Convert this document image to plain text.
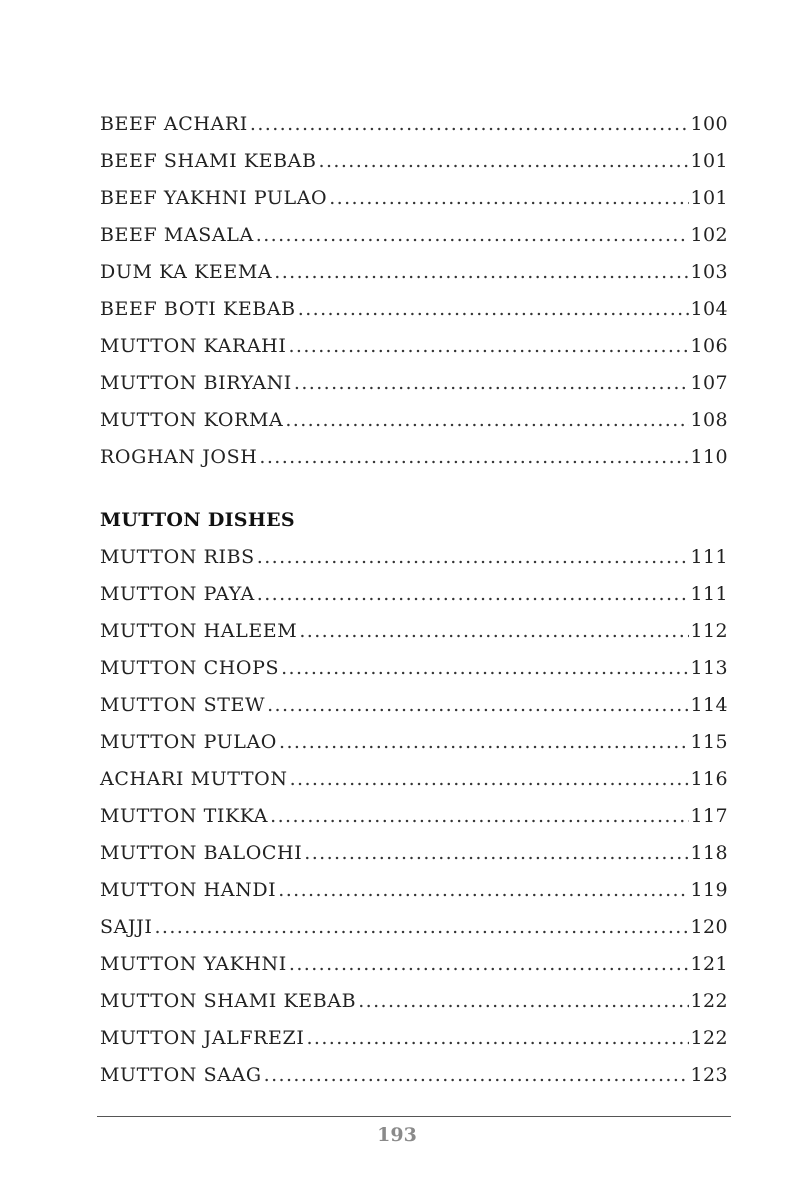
BEEF ACHARI .....	100
BEEF SHAMI KEBAB .....	101
BEEF YAKHNI PULAO .....	101
BEEF MASALA .....	102
DUM KA KEEMA .....	103
BEEF BOTI KEBAB .....	104
MUTTON KARAHI .....	106
MUTTON BIRYANI .....	107
MUTTON KORMA .....	108
ROGHAN JOSH .....	110
MUTTON DISHES
MUTTON RIBS .....	111
MUTTON PAYA .....	111
MUTTON HALEEM .....	112
MUTTON CHOPS .....	113
MUTTON STEW .....	114
MUTTON PULAO .....	115
ACHARI MUTTON .....	116
MUTTON TIKKA .....	117
MUTTON BALOCHI .....	118
MUTTON HANDI .....	119
SAJJI .....	120
MUTTON YAKHNI .....	121
MUTTON SHAMI KEBAB .....	122
MUTTON JALFREZI .....	122
MUTTON SAAG .....	123
193
